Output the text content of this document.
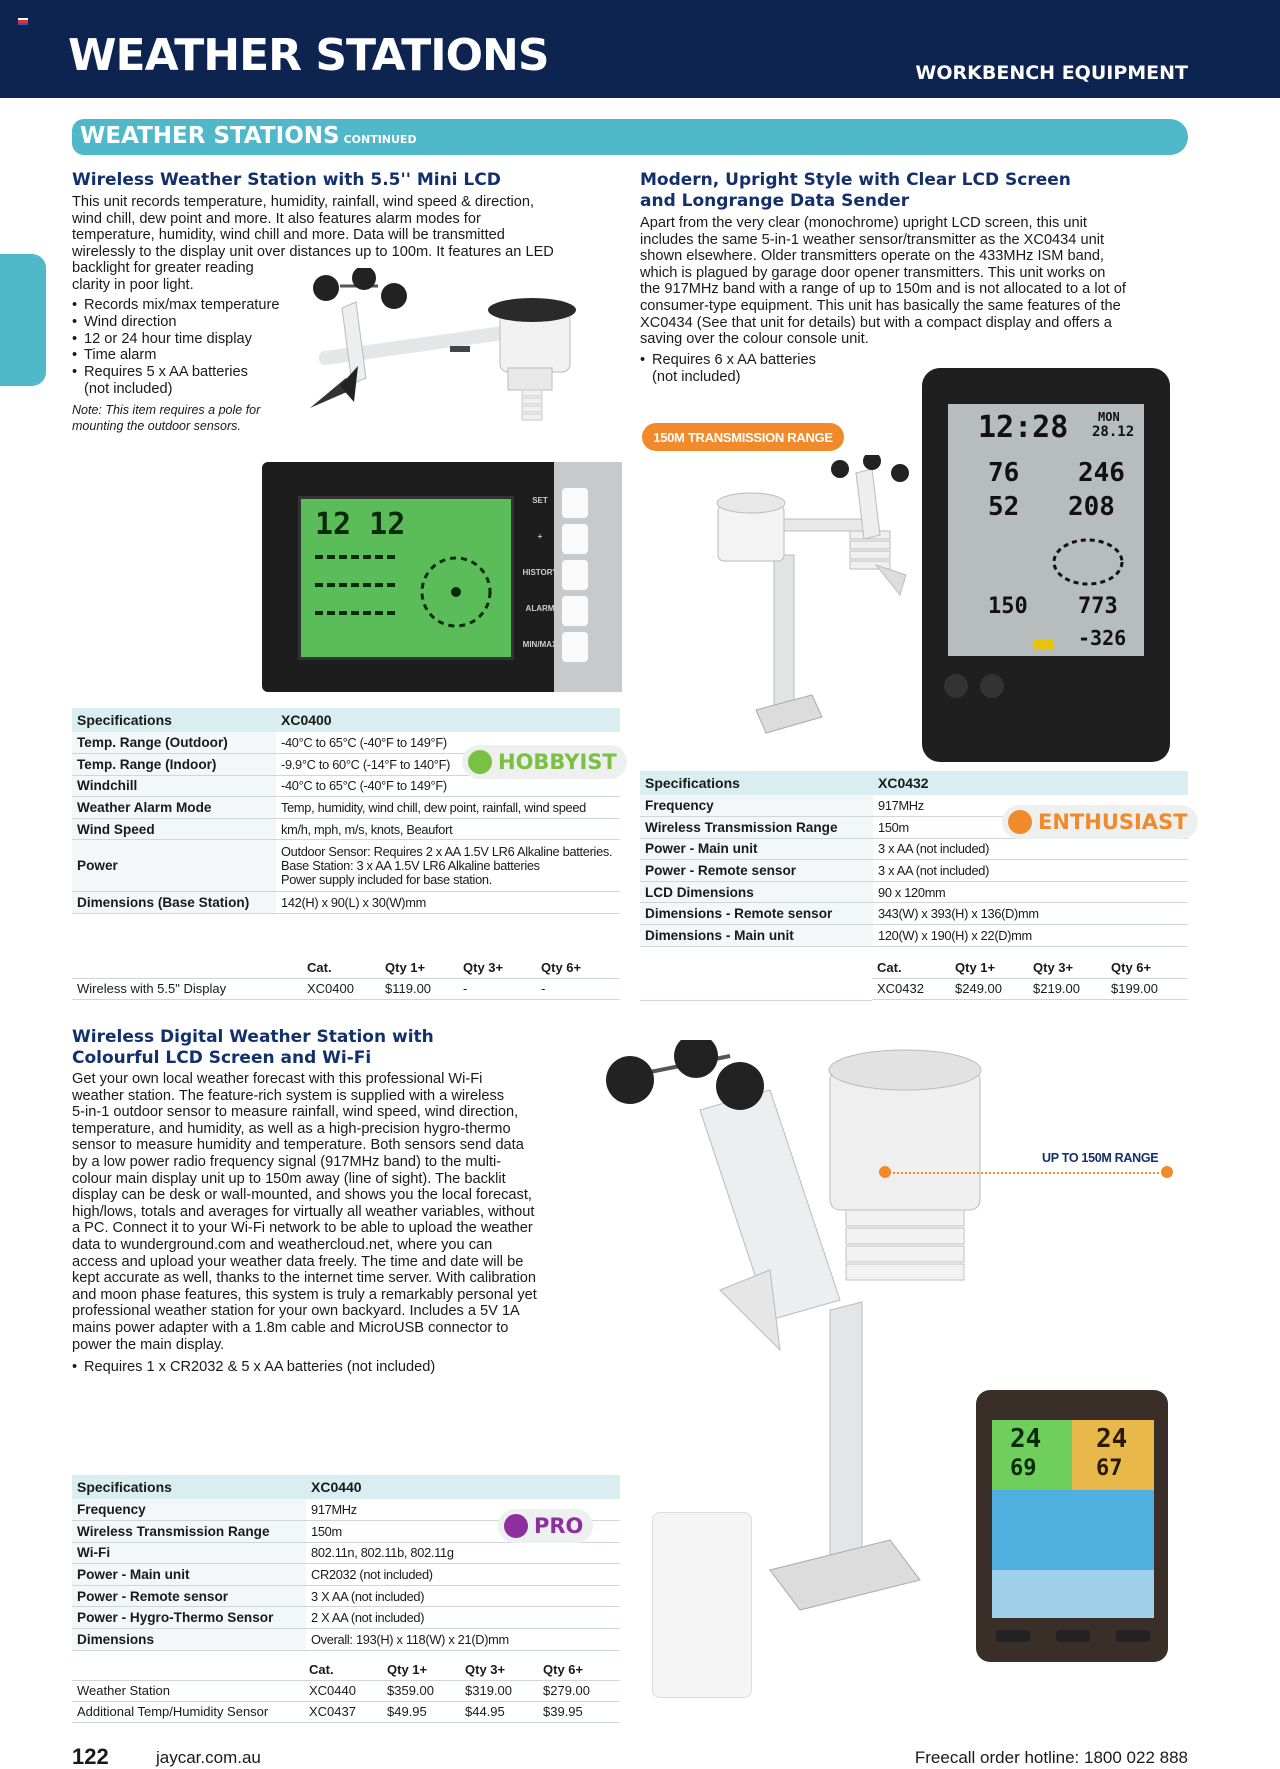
WEATHER STATIONS	WORKBENCH EQUIPMENT
WEATHER STATIONS CONTINUED
Wireless Weather Station with 5.5'' Mini LCD
This unit records temperature, humidity, rainfall, wind speed & direction,
wind chill, dew point and more. It also features alarm modes for
temperature, humidity, wind chill and more. Data will be transmitted
wirelessly to the display unit over distances up to 100m. It features an LED
backlight for greater reading
clarity in poor light.
• Records mix/max temperature
• Wind direction
• 12 or 24 hour time display
• Time alarm
• Requires 5 x AA batteries
(not included)
Note: This item requires a pole for
mounting the outdoor sensors.
12 12
SET
+
HISTORY
ALARM
MIN/MAX
Specifications	XC0400
Temp. Range (Outdoor)	-40°C to 65°C (-40°F to 149°F)
Temp. Range (Indoor)	-9.9°C to 60°C (-14°F to 140°F)
Windchill	-40°C to 65°C (-40°F to 149°F)
Weather Alarm Mode	Temp, humidity, wind chill, dew point, rainfall, wind speed
Wind Speed	km/h, mph, m/s, knots, Beaufort
Power	Outdoor Sensor: Requires 2 x AA 1.5V LR6 Alkaline batteries.
Base Station: 3 x AA 1.5V LR6 Alkaline batteries
Power supply included for base station.
Dimensions (Base Station)	142(H) x 90(L) x 30(W)mm
HOBBYIST
	Cat.	Qty 1+	Qty 3+	Qty 6+
Wireless with 5.5" Display	XC0400	$119.00	-	-
Modern, Upright Style with Clear LCD Screen
and Longrange Data Sender
Apart from the very clear (monochrome) upright LCD screen, this unit
includes the same 5-in-1 weather sensor/transmitter as the XC0434 unit
shown elsewhere. Older transmitters operate on the 433MHz ISM band,
which is plagued by garage door opener transmitters. This unit works on
the 917MHz band with a range of up to 150m and is not allocated to a lot of
consumer-type equipment. This unit has basically the same features of the
XC0434 (See that unit for details) but with a compact display and offers a
saving over the colour console unit.
• Requires 6 x AA batteries
(not included)
150M TRANSMISSION RANGE	12:28 MON
28.12
76 246
52 208
150 773
-326
Specifications	XC0432
Frequency	917MHz
Wireless Transmission Range	150m
Power - Main unit	3 x AA (not included)
Power - Remote sensor	3 x AA (not included)
LCD Dimensions	90 x 120mm
Dimensions - Remote sensor	343(W) x 393(H) x 136(D)mm
Dimensions - Main unit	120(W) x 190(H) x 22(D)mm
ENTHUSIAST
Cat.	Qty 1+	Qty 3+	Qty 6+
XC0432	$249.00	$219.00	$199.00
Wireless Digital Weather Station with
Colourful LCD Screen and Wi-Fi
Get your own local weather forecast with this professional Wi-Fi
weather station. The feature-rich system is supplied with a wireless
5-in-1 outdoor sensor to measure rainfall, wind speed, wind direction,
temperature, and humidity, as well as a high-precision hygro-thermo
sensor to measure humidity and temperature. Both sensors send data
by a low power radio frequency signal (917MHz band) to the multi-
colour main display unit up to 150m away (line of sight). The backlit
display can be desk or wall-mounted, and shows you the local forecast,
high/lows, totals and averages for virtually all weather variables, without
a PC. Connect it to your Wi-Fi network to be able to upload the weather
data to wunderground.com and weathercloud.net, where you can
access and upload your weather data freely. The time and date will be
kept accurate as well, thanks to the internet time server. With calibration
and moon phase features, this system is truly a remarkably personal yet
professional weather station for your own backyard. Includes a 5V 1A
mains power adapter with a 1.8m cable and MicroUSB connector to
power the main display.
• Requires 1 x CR2032 & 5 x AA batteries (not included)
UP TO 150M RANGE
24 24
69	67
Specifications	XC0440
Frequency	917MHz
Wireless Transmission Range	150m
Wi-Fi	802.11n, 802.11b, 802.11g
Power - Main unit	CR2032 (not included)
Power - Remote sensor	3 X AA (not included)
Power - Hygro-Thermo Sensor	2 X AA (not included)
Dimensions	Overall: 193(H) x 118(W) x 21(D)mm
PRO
	Cat.	Qty 1+	Qty 3+	Qty 6+
Weather Station	XC0440	$359.00	$319.00	$279.00
Additional Temp/Humidity Sensor	XC0437	$49.95	$44.95	$39.95
122	jaycar.com.au	Freecall order hotline: 1800 022 888
